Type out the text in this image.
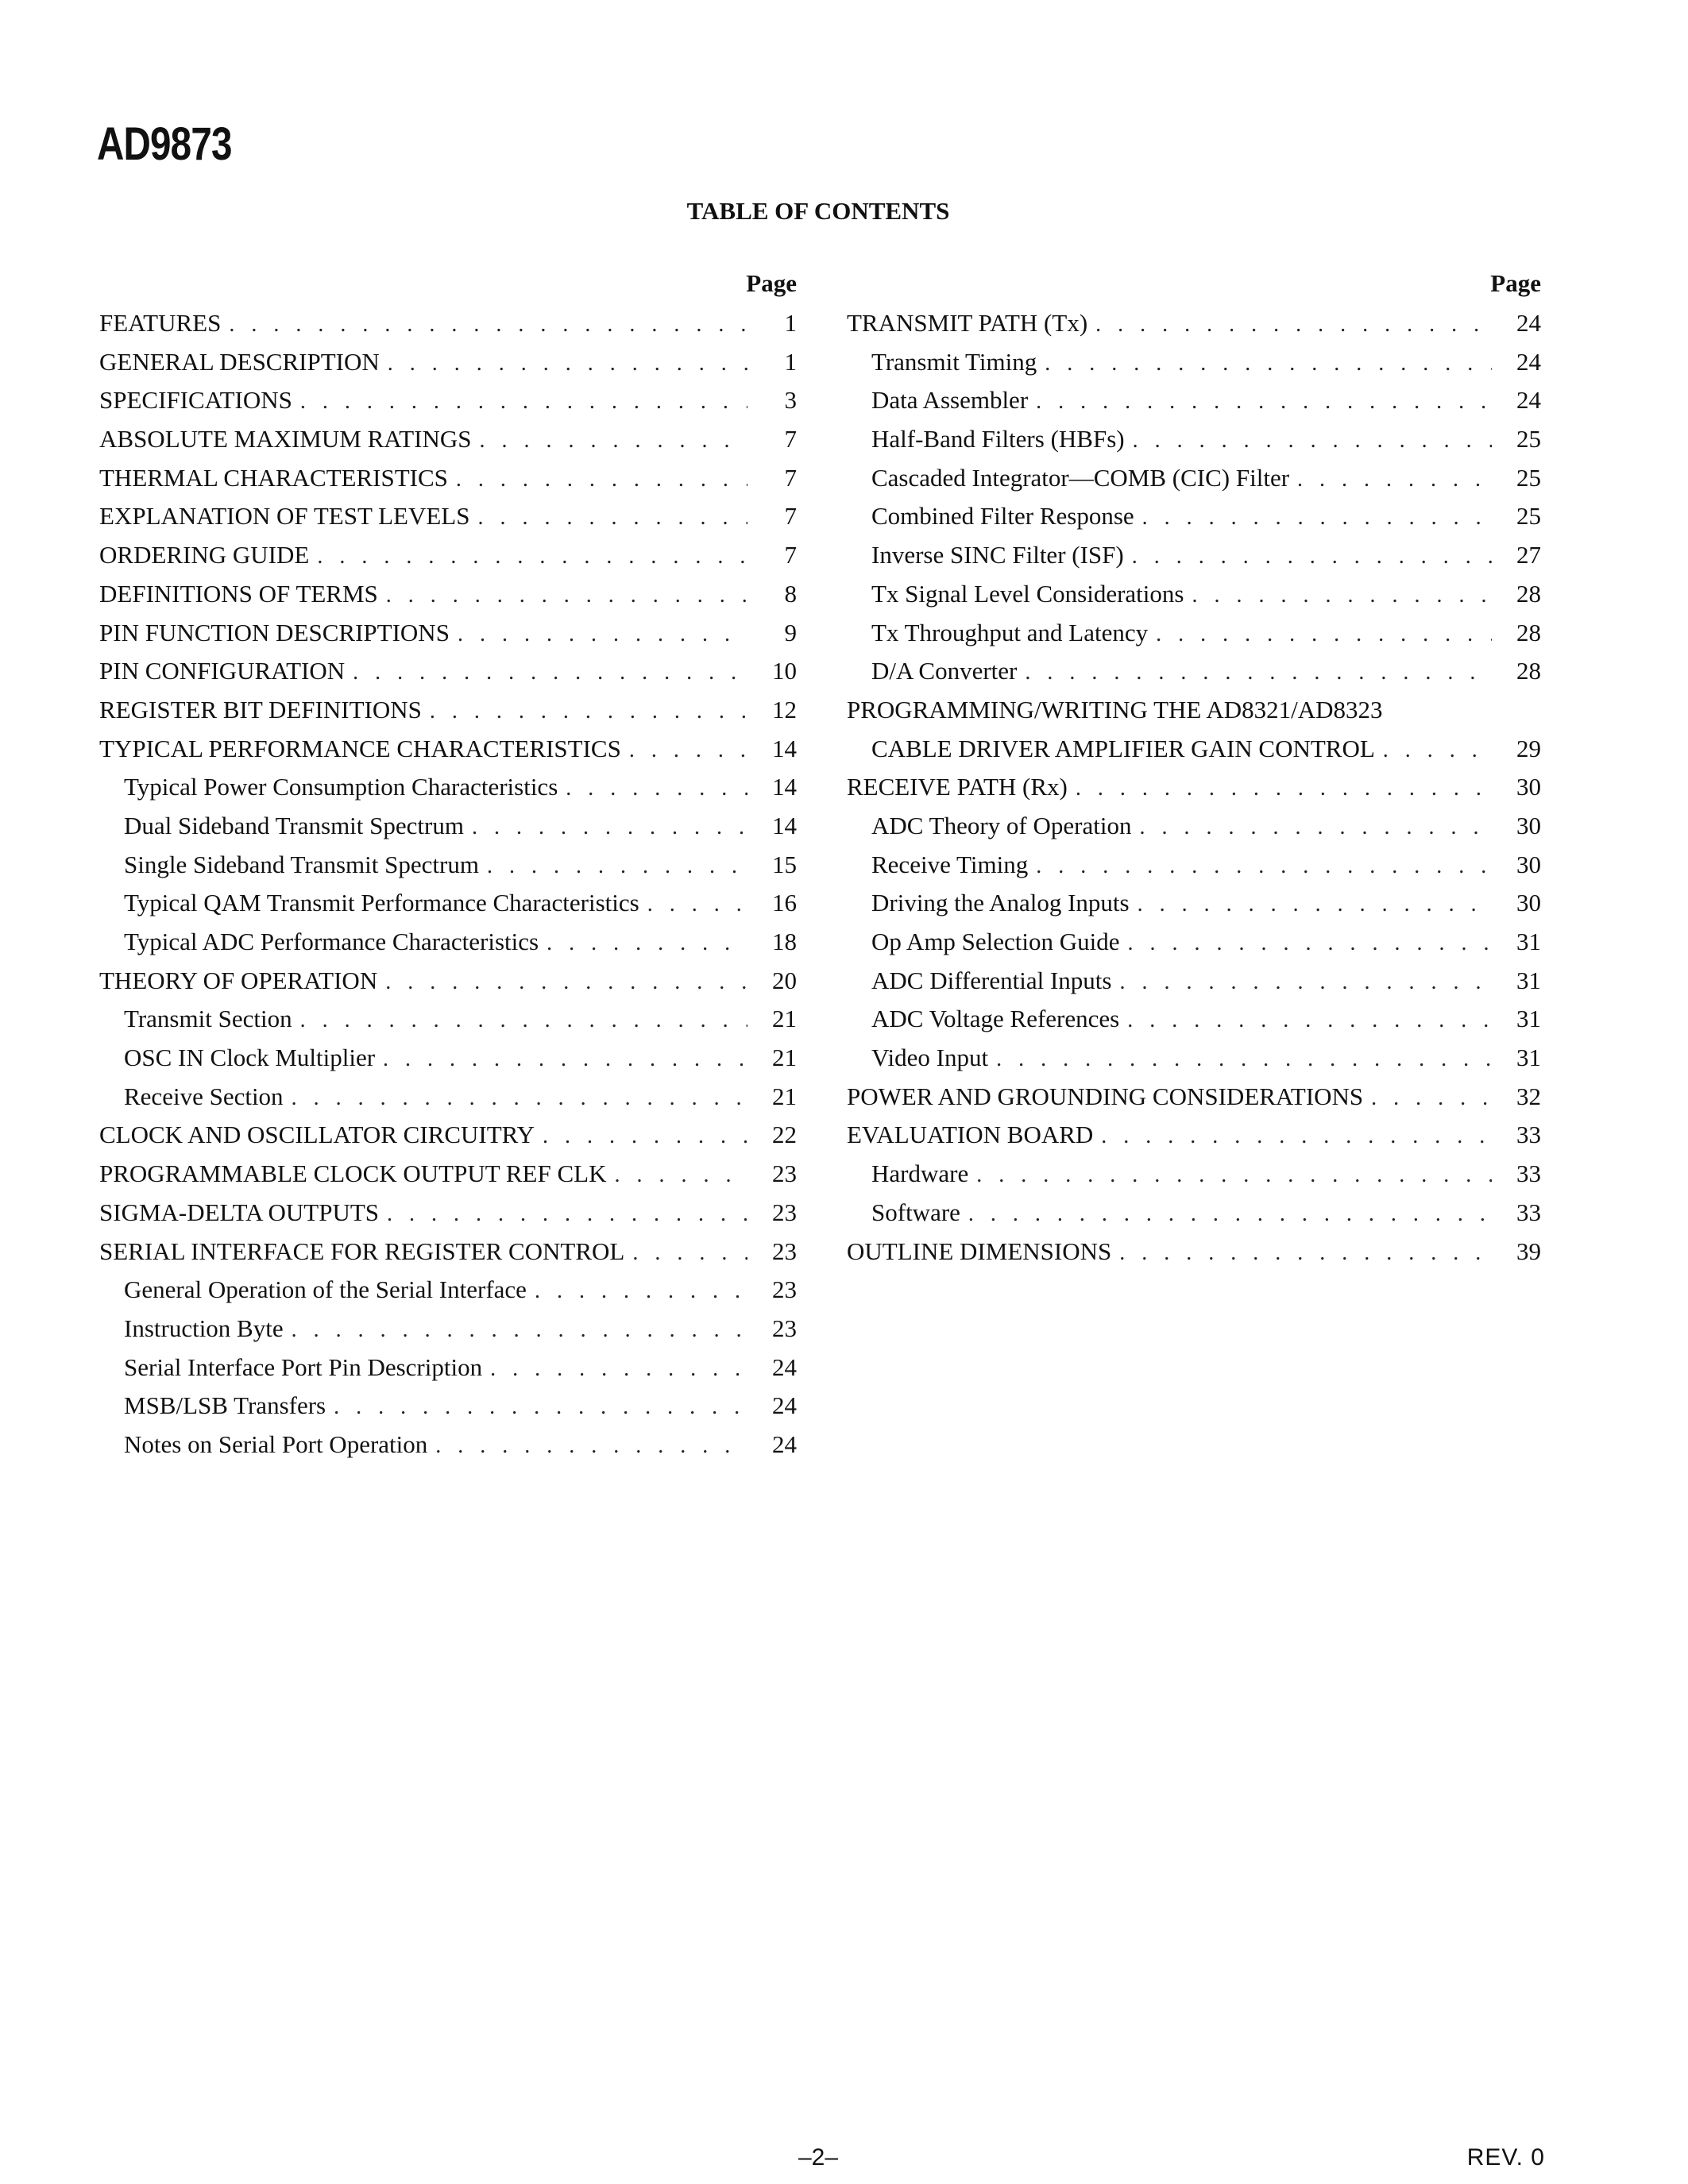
AD9873
TABLE OF CONTENTS
Page
FEATURES . . .	1
GENERAL DESCRIPTION . . .	1
SPECIFICATIONS . . .	3
ABSOLUTE MAXIMUM RATINGS . . .	7
THERMAL CHARACTERISTICS . . .	7
EXPLANATION OF TEST LEVELS . . .	7
ORDERING GUIDE . . .	7
DEFINITIONS OF TERMS . . .	8
PIN FUNCTION DESCRIPTIONS . . .	9
PIN CONFIGURATION . . .	10
REGISTER BIT DEFINITIONS . . .	12
TYPICAL PERFORMANCE CHARACTERISTICS . . .	14
Typical Power Consumption Characteristics . . .	14
Dual Sideband Transmit Spectrum . . .	14
Single Sideband Transmit Spectrum . . .	15
Typical QAM Transmit Performance Characteristics . . .	16
Typical ADC Performance Characteristics . . .	18
THEORY OF OPERATION . . .	20
Transmit Section . . .	21
OSC IN Clock Multiplier . . .	21
Receive Section . . .	21
CLOCK AND OSCILLATOR CIRCUITRY . . .	22
PROGRAMMABLE CLOCK OUTPUT REF CLK . . .	23
SIGMA-DELTA OUTPUTS . . .	23
SERIAL INTERFACE FOR REGISTER CONTROL . . .	23
General Operation of the Serial Interface . . .	23
Instruction Byte . . .	23
Serial Interface Port Pin Description . . .	24
MSB/LSB Transfers . . .	24
Notes on Serial Port Operation . . .	24
Page
TRANSMIT PATH (Tx) . . .	24
Transmit Timing . . .	24
Data Assembler . . .	24
Half-Band Filters (HBFs) . . .	25
Cascaded Integrator—COMB (CIC) Filter . . .	25
Combined Filter Response . . .	25
Inverse SINC Filter (ISF) . . .	27
Tx Signal Level Considerations . . .	28
Tx Throughput and Latency . . .	28
D/A Converter . . .	28
PROGRAMMING/WRITING THE AD8321/AD8323
CABLE DRIVER AMPLIFIER GAIN CONTROL . . .	29
RECEIVE PATH (Rx) . . .	30
ADC Theory of Operation . . .	30
Receive Timing . . .	30
Driving the Analog Inputs . . .	30
Op Amp Selection Guide . . .	31
ADC Differential Inputs . . .	31
ADC Voltage References . . .	31
Video Input . . .	31
POWER AND GROUNDING CONSIDERATIONS . . .	32
EVALUATION BOARD . . .	33
Hardware . . .	33
Software . . .	33
OUTLINE DIMENSIONS . . .	39
–2–	REV. 0
